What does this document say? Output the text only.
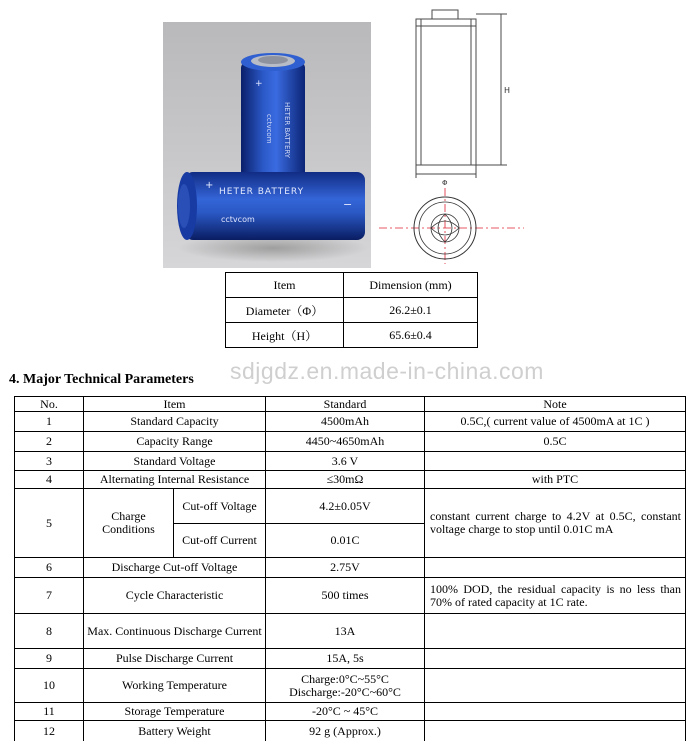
+
HETER BATTERY
cctvcom
HETER BATTERY
cctvcom
+
−
H
Φ
Item	Dimension (mm)
Diameter（Φ）	26.2±0.1
Height（H）	65.6±0.4
sdjgdz.en.made-in-china.com
4. Major Technical Parameters
No.	Item		Standard	Note
1	Standard Capacity		4500mAh	0.5C,( current value of 4500mA at 1C )
2	Capacity Range		4450~4650mAh	0.5C
3	Standard Voltage		3.6 V	
4	Alternating Internal Resistance		≤30mΩ	with PTC
5	Charge Conditions	Cut-off Voltage	4.2±0.05V	constant current charge to 4.2V at 0.5C, constant voltage charge to stop until 0.01C mA
		Cut-off Current	0.01C	
6	Discharge Cut-off Voltage		2.75V	
7	Cycle Characteristic		500 times	100% DOD, the residual capacity is no less than 70% of rated capacity at 1C rate.
8	Max. Continuous Discharge Current		13A	
9	Pulse Discharge Current		15A, 5s	
10	Working Temperature		Charge:0°C~55°C
Discharge:-20°C~60°C	

11	Storage Temperature		-20°C ~ 45°C	
12	Battery Weight		92 g (Approx.)	
